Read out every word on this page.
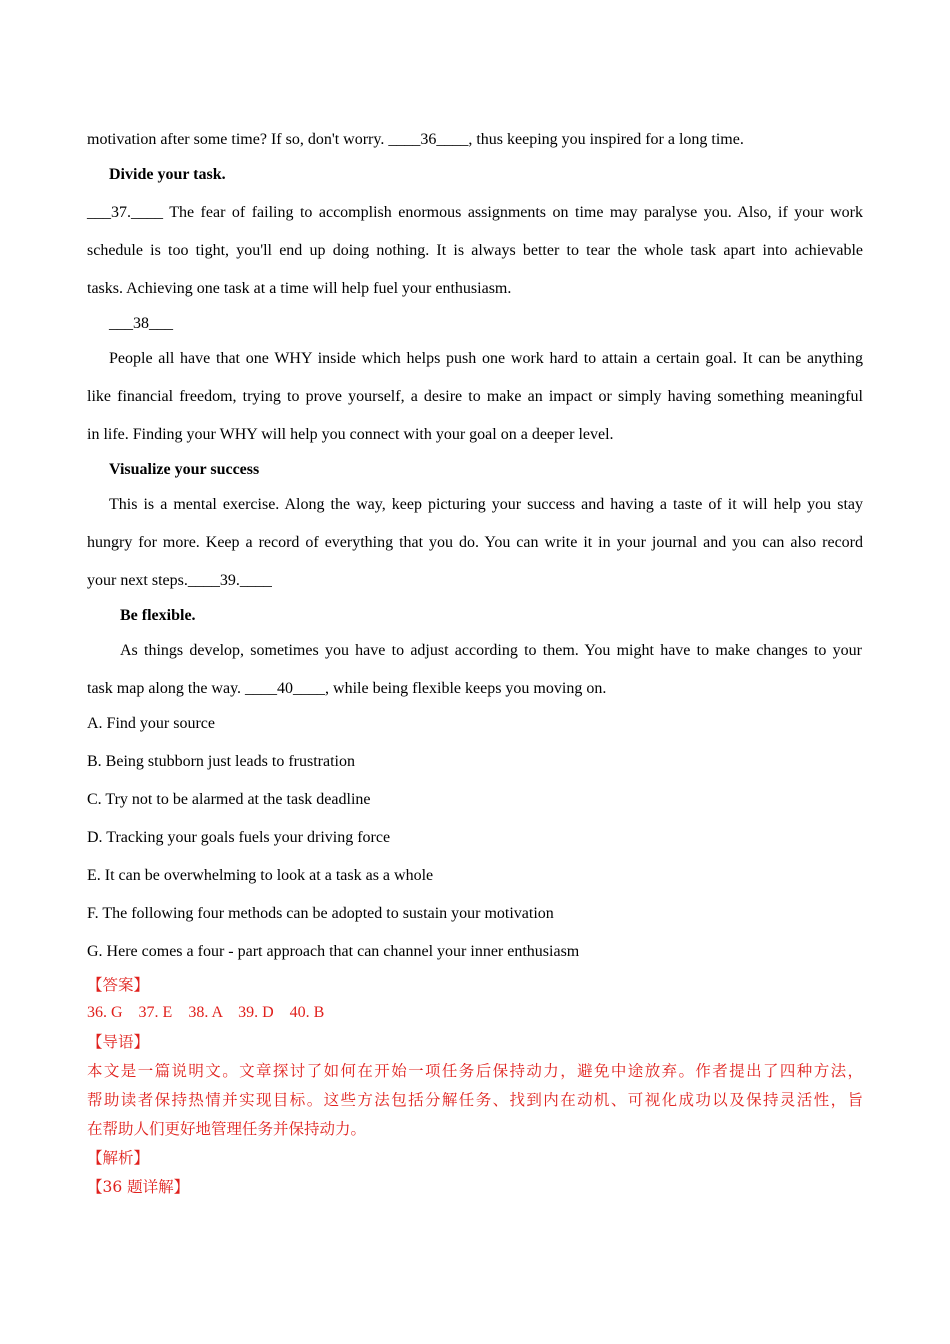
motivation after some time? If so, don't worry. ____36____, thus keeping you inspired for a long time.
Divide your task.
___37.____ The fear of failing to accomplish enormous assignments on time may paralyse you. Also, if your work
schedule is too tight, you'll end up doing nothing. It is always better to tear the whole task apart into achievable
tasks. Achieving one task at a time will help fuel your enthusiasm.
___38___
People all have that one WHY inside which helps push one work hard to attain a certain goal. It can be anything
like financial freedom, trying to prove yourself, a desire to make an impact or simply having something meaningful
in life. Finding your WHY will help you connect with your goal on a deeper level.
Visualize your success
This is a mental exercise. Along the way, keep picturing your success and having a taste of it will help you stay
hungry for more. Keep a record of everything that you do. You can write it in your journal and you can also record
your next steps.____39.____
Be flexible.
As things develop, sometimes you have to adjust according to them. You might have to make changes to your
task map along the way. ____40____, while being flexible keeps you moving on.
A. Find your source
B. Being stubborn just leads to frustration
C. Try not to be alarmed at the task deadline
D. Tracking your goals fuels your driving force
E. It can be overwhelming to look at a task as a whole
F. The following four methods can be adopted to sustain your motivation
G. Here comes a four - part approach that can channel your inner enthusiasm
【答案】
36. G    37. E    38. A    39. D    40. B
【导语】
本文是一篇说明文。文章探讨了如何在开始一项任务后保持动力，避免中途放弃。作者提出了四种方法，
帮助读者保持热情并实现目标。这些方法包括分解任务、找到内在动机、可视化成功以及保持灵活性，旨
在帮助人们更好地管理任务并保持动力。
【解析】
【36 题详解】
